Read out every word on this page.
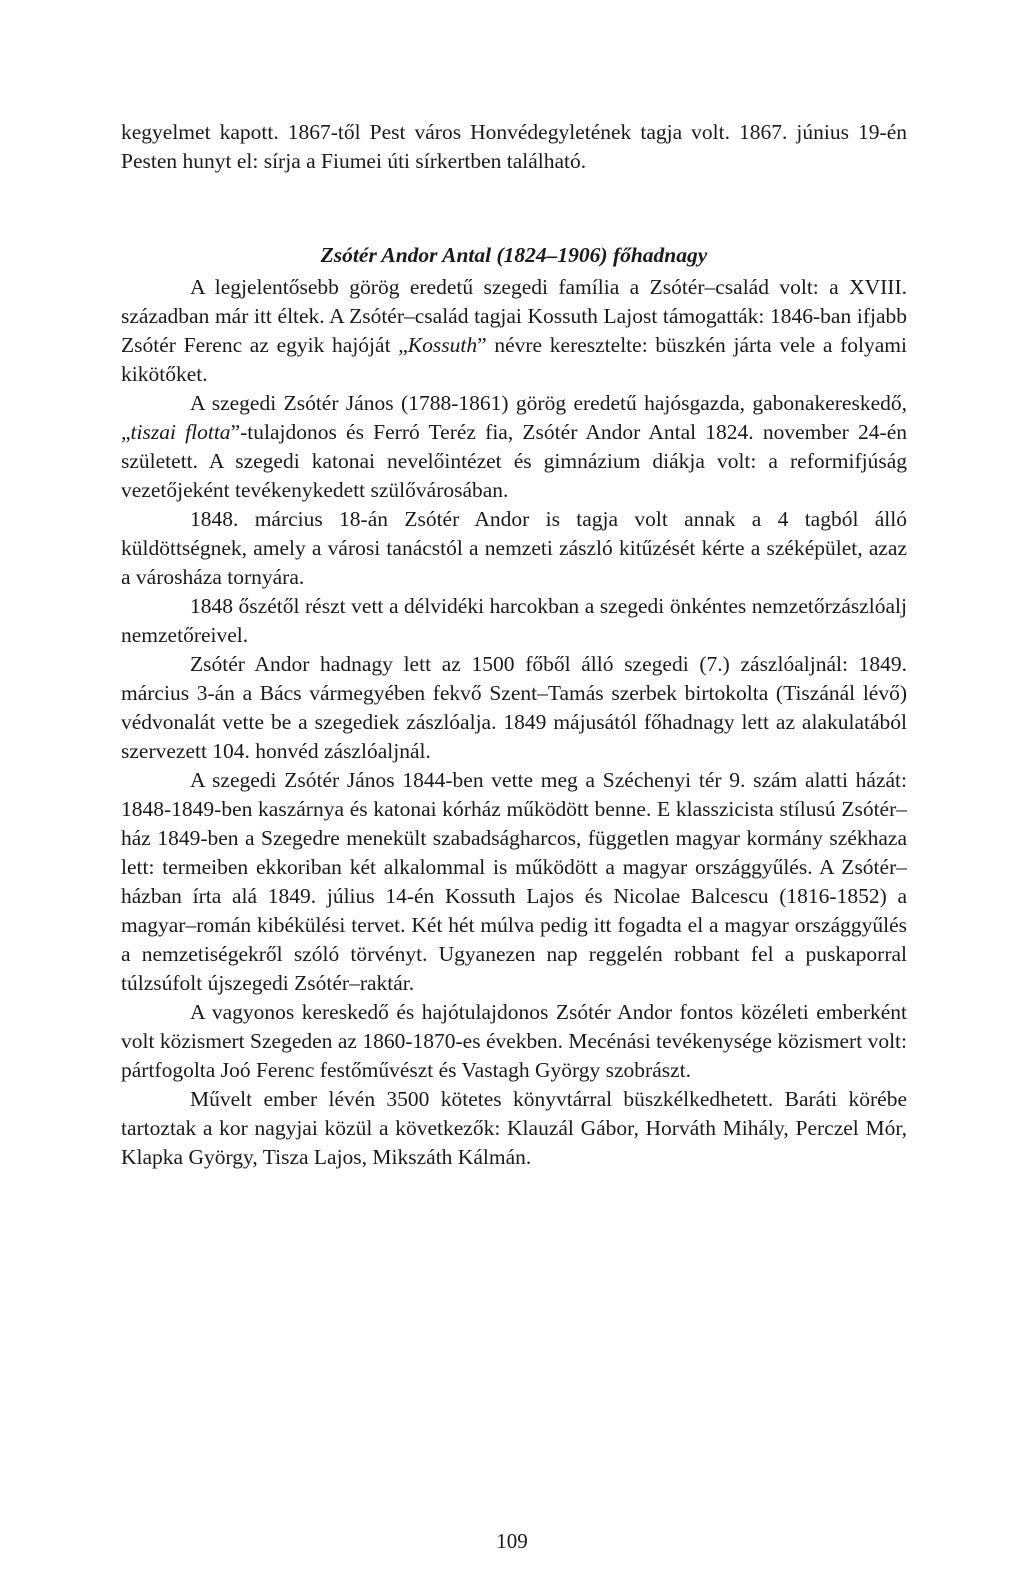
kegyelmet kapott. 1867-től Pest város Honvédegyletének tagja volt. 1867. június 19-én Pesten hunyt el: sírja a Fiumei úti sírkertben található.

Zsótér Andor Antal (1824–1906) főhadnagy

A legjelentősebb görög eredetű szegedi família a Zsótér–család volt: a XVIII. században már itt éltek. A Zsótér–család tagjai Kossuth Lajost támogatták: 1846-ban ifjabb Zsótér Ferenc az egyik hajóját „Kossuth” névre keresztelte: büszkén járta vele a folyami kikötőket.

A szegedi Zsótér János (1788-1861) görög eredetű hajósgazda, gabonakereskedő, „tiszai flotta”-tulajdonos és Ferró Teréz fia, Zsótér Andor Antal 1824. november 24-én született. A szegedi katonai nevelőintézet és gimnázium diákja volt: a reformifjúság vezetőjeként tevékenykedett szülővárosában.

1848. március 18-án Zsótér Andor is tagja volt annak a 4 tagból álló küldöttségnek, amely a városi tanácstól a nemzeti zászló kitűzését kérte a széképület, azaz a városháza tornyára.

1848 őszétől részt vett a délvidéki harcokban a szegedi önkéntes nemzetőrzászlóalj nemzetőreivel.

Zsótér Andor hadnagy lett az 1500 főből álló szegedi (7.) zászlóaljnál: 1849. március 3-án a Bács vármegyében fekvő Szent–Tamás szerbek birtokolta (Tiszánál lévő) védvonalát vette be a szegediek zászlóalja. 1849 májusától főhadnagy lett az alakulatából szervezett 104. honvéd zászlóaljnál.

A szegedi Zsótér János 1844-ben vette meg a Széchenyi tér 9. szám alatti házát: 1848-1849-ben kaszárnya és katonai kórház működött benne. E klasszicista stílusú Zsótér–ház 1849-ben a Szegedre menekült szabadságharcos, független magyar kormány székhaza lett: termeiben ekkoriban két alkalommal is működött a magyar országgyűlés. A Zsótér–házban írta alá 1849. július 14-én Kossuth Lajos és Nicolae Balcescu (1816-1852) a magyar–román kibékülési tervet. Két hét múlva pedig itt fogadta el a magyar országgyűlés a nemzetiségekről szóló törvényt. Ugyanezen nap reggelén robbant fel a puskaporral túlzsúfolt újszegedi Zsótér–raktár.

A vagyonos kereskedő és hajótulajdonos Zsótér Andor fontos közéleti emberként volt közismert Szegeden az 1860-1870-es években. Mecénási tevékenysége közismert volt: pártfogolta Joó Ferenc festőművészt és Vastagh György szobrászt.

Művelt ember lévén 3500 kötetes könyvtárral büszkélkedhetett. Baráti körébe tartoztak a kor nagyjai közül a következők: Klauzál Gábor, Horváth Mihály, Perczel Mór, Klapka György, Tisza Lajos, Mikszáth Kálmán.

109
